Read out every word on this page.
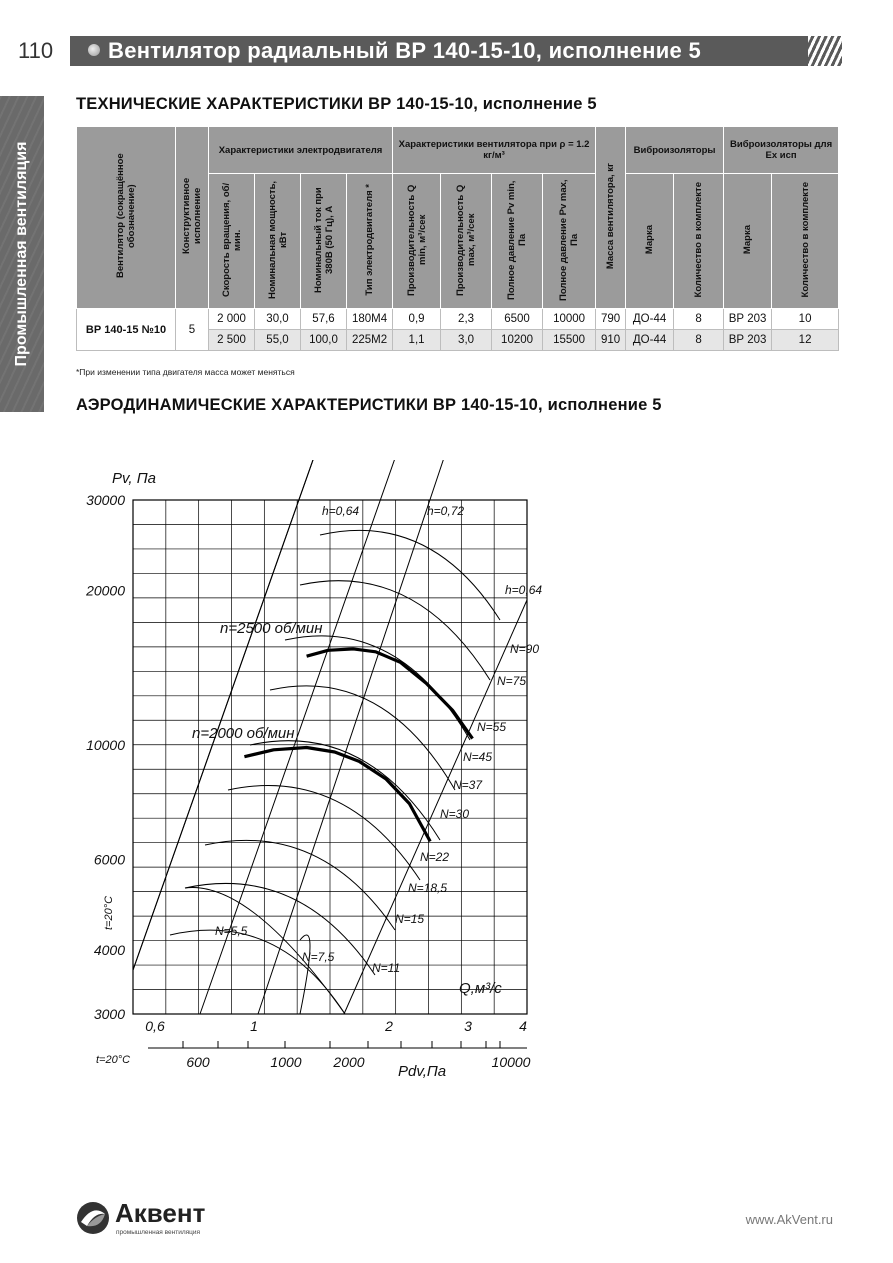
110	Вентилятор радиальный ВР 140-15-10, исполнение 5
Промышленная вентиляция
ТЕХНИЧЕСКИЕ ХАРАКТЕРИСТИКИ ВР 140-15-10, исполнение 5
Вентилятор (сокращённое обозначение)	Конструктивное исполнение	Характеристики электродвигателя				Характеристики вентилятора при ρ = 1.2 кг/м³				Масса вентилятора, кг	Виброизоляторы		Виброизоляторы для Ex исп	
		Скорость вращения, об/мин.	Номинальная мощность, кВт	Номинальный ток при 380В (50 Гц), А	Тип электродвигателя *	Производительность Q min, м³/сек	Производительность Q max, м³/сек	Полное давление Pv min, Па	Полное давление Pv max, Па		Марка	Количество в комплекте	Марка	Количество в комплекте
ВР 140-15 №10	5	2 000	30,0	57,6	180M4	0,9	2,3	6500	10000	790	ДО-44	8	ВР 203	10
		2 500	55,0	100,0	225M2	1,1	3,0	10200	15500	910	ДО-44	8	ВР 203	12
*При изменении типа двигателя масса может меняться
АЭРОДИНАМИЧЕСКИЕ ХАРАКТЕРИСТИКИ ВР 140-15-10, исполнение 5
30000
20000
10000
6000
4000
3000
Pv, Па
t=20°C
0,6	1	2	3	4
Q,м³/с
600	1000 2000	10000
t=20°C
Pdv,Па
n=2500 об/мин
n=2000 об/мин
h=0,64	h=0,72
h=0,64
N=90
N=75
N=55
N=45
N=37
N=30
N=22
N=18,5
N=15
N=11
N=7,5
N=5,5
Аквент
промышленная вентиляция
www.AkVent.ru
